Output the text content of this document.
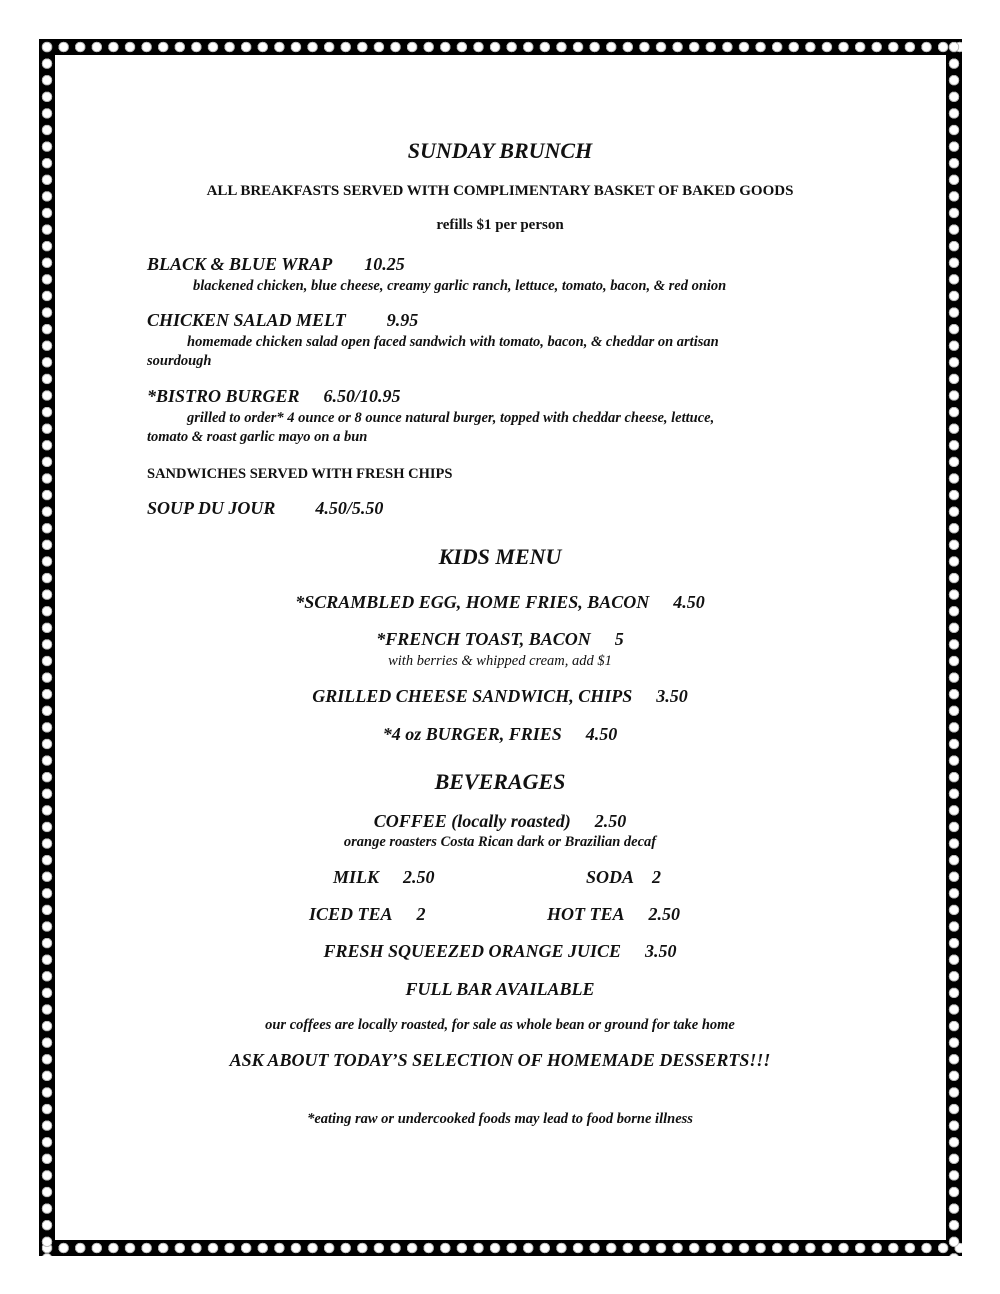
SUNDAY BRUNCH
ALL BREAKFASTS SERVED WITH COMPLIMENTARY BASKET OF BAKED GOODS
refills $1 per person
BLACK & BLUE WRAP 10.25
blackened chicken, blue cheese, creamy garlic ranch, lettuce, tomato, bacon, & red onion
CHICKEN SALAD MELT 9.95
homemade chicken salad open faced sandwich with tomato, bacon, & cheddar on artisan
sourdough
*BISTRO BURGER 6.50/10.95
grilled to order* 4 ounce or 8 ounce natural burger, topped with cheddar cheese, lettuce,
tomato & roast garlic mayo on a bun
SANDWICHES SERVED WITH FRESH CHIPS
SOUP DU JOUR 4.50/5.50
KIDS MENU
*SCRAMBLED EGG, HOME FRIES, BACON 4.50
*FRENCH TOAST, BACON 5
with berries & whipped cream, add $1
GRILLED CHEESE SANDWICH, CHIPS 3.50
*4 oz BURGER, FRIES 4.50
BEVERAGES
COFFEE (locally roasted) 2.50
orange roasters Costa Rican dark or Brazilian decaf
MILK 2.50	SODA 2
ICED TEA 2	HOT TEA 2.50
FRESH SQUEEZED ORANGE JUICE 3.50
FULL BAR AVAILABLE
our coffees are locally roasted, for sale as whole bean or ground for take home
ASK ABOUT TODAY’S SELECTION OF HOMEMADE DESSERTS!!!
*eating raw or undercooked foods may lead to food borne illness
